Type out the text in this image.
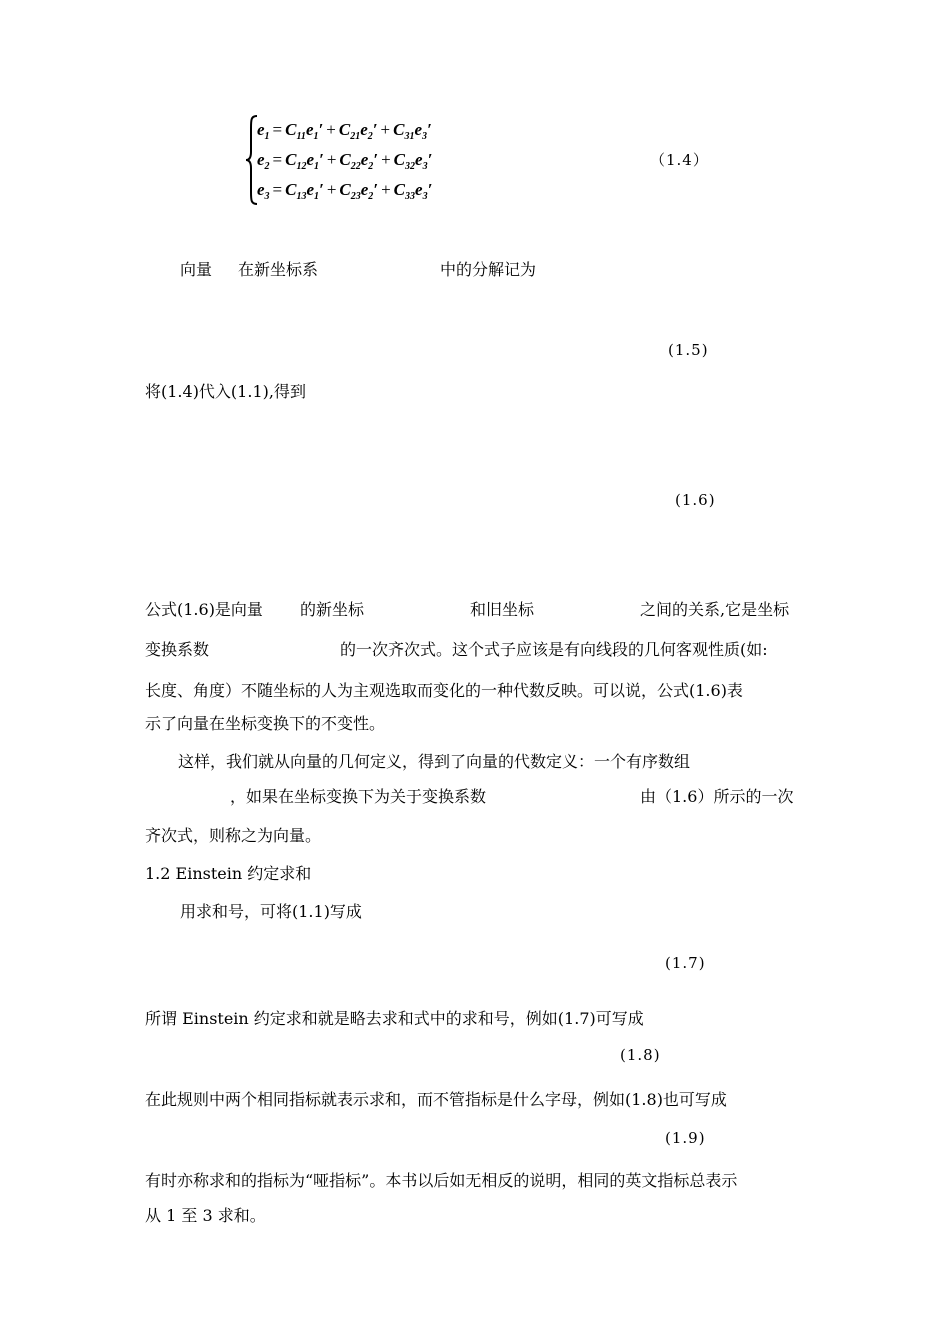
$e_1 = C_{11}e_1' + C_{21}e_2' + C_{31}e_3'$
$e_2 = C_{12}e_1' + C_{22}e_2' + C_{32}e_3'$
$e_3 = C_{13}e_1' + C_{23}e_2' + C_{33}e_3'$
（1.4）
向量 在新坐标系	中的分解记为
(1.5)
将(1.4)代入(1.1),得到
(1.6)
公式(1.6)是向量 的新坐标	和旧坐标	之间的关系,它是坐标
变换系数	的一次齐次式。这个式子应该是有向线段的几何客观性质(如:
长度、角度）不随坐标的人为主观选取而变化的一种代数反映。可以说，公式(1.6)表
示了向量在坐标变换下的不变性。
这样，我们就从向量的几何定义，得到了向量的代数定义：一个有序数组
，如果在坐标变换下为关于变换系数	由（1.6）所示的一次
齐次式，则称之为向量。
1.2 Einstein 约定求和
用求和号，可将(1.1)写成
(1.7)
所谓 Einstein 约定求和就是略去求和式中的求和号，例如(1.7)可写成
(1.8)
在此规则中两个相同指标就表示求和，而不管指标是什么字母，例如(1.8)也可写成
(1.9)
有时亦称求和的指标为“哑指标”。本书以后如无相反的说明，相同的英文指标总表示
从 1 至 3 求和。
